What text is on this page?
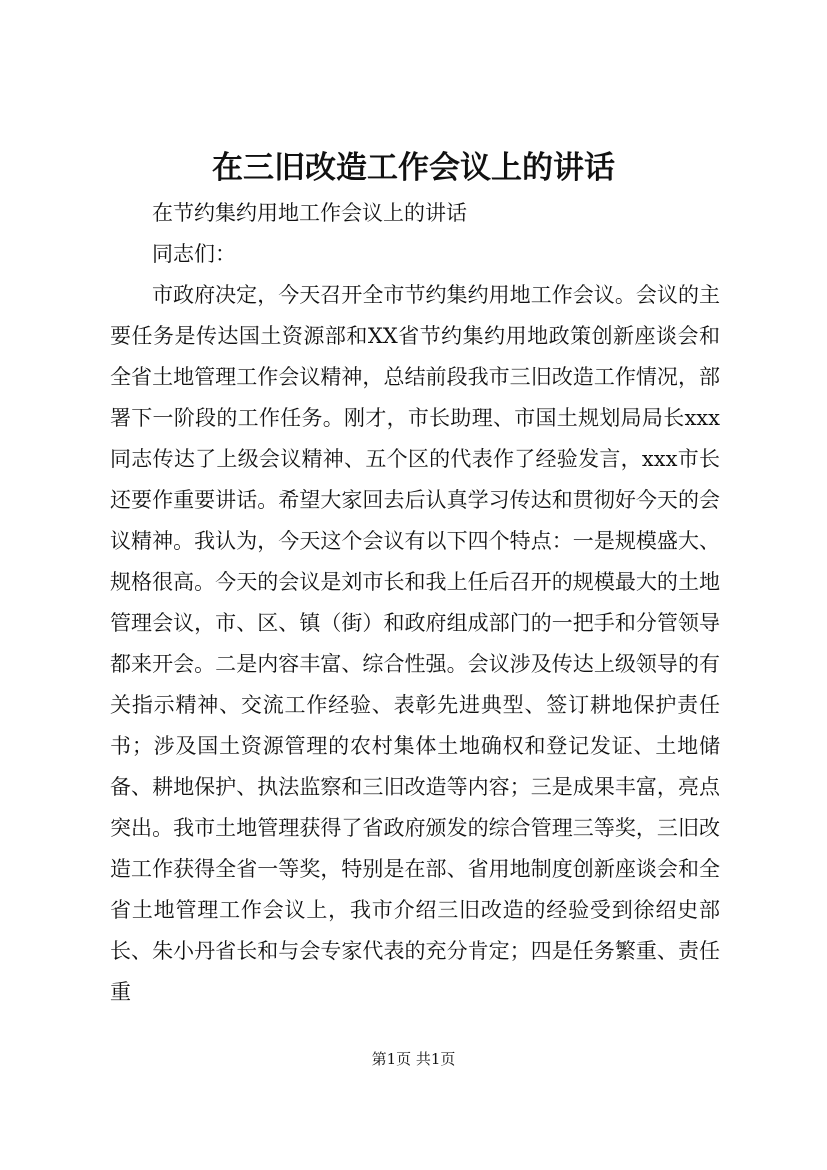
在三旧改造工作会议上的讲话

在节约集约用地工作会议上的讲话

同志们：

市政府决定，今天召开全市节约集约用地工作会议。会议的主要任务是传达国土资源部和XX省节约集约用地政策创新座谈会和全省土地管理工作会议精神，总结前段我市三旧改造工作情况，部署下一阶段的工作任务。刚才，市长助理、市国土规划局局长xxx同志传达了上级会议精神、五个区的代表作了经验发言，xxx市长还要作重要讲话。希望大家回去后认真学习传达和贯彻好今天的会议精神。我认为，今天这个会议有以下四个特点：一是规模盛大、规格很高。今天的会议是刘市长和我上任后召开的规模最大的土地管理会议，市、区、镇（街）和政府组成部门的一把手和分管领导都来开会。二是内容丰富、综合性强。会议涉及传达上级领导的有关指示精神、交流工作经验、表彰先进典型、签订耕地保护责任书；涉及国土资源管理的农村集体土地确权和登记发证、土地储备、耕地保护、执法监察和三旧改造等内容；三是成果丰富，亮点突出。我市土地管理获得了省政府颁发的综合管理三等奖，三旧改造工作获得全省一等奖，特别是在部、省用地制度创新座谈会和全省土地管理工作会议上，我市介绍三旧改造的经验受到徐绍史部长、朱小丹省长和与会专家代表的充分肯定；四是任务繁重、责任重

第1页 共1页
